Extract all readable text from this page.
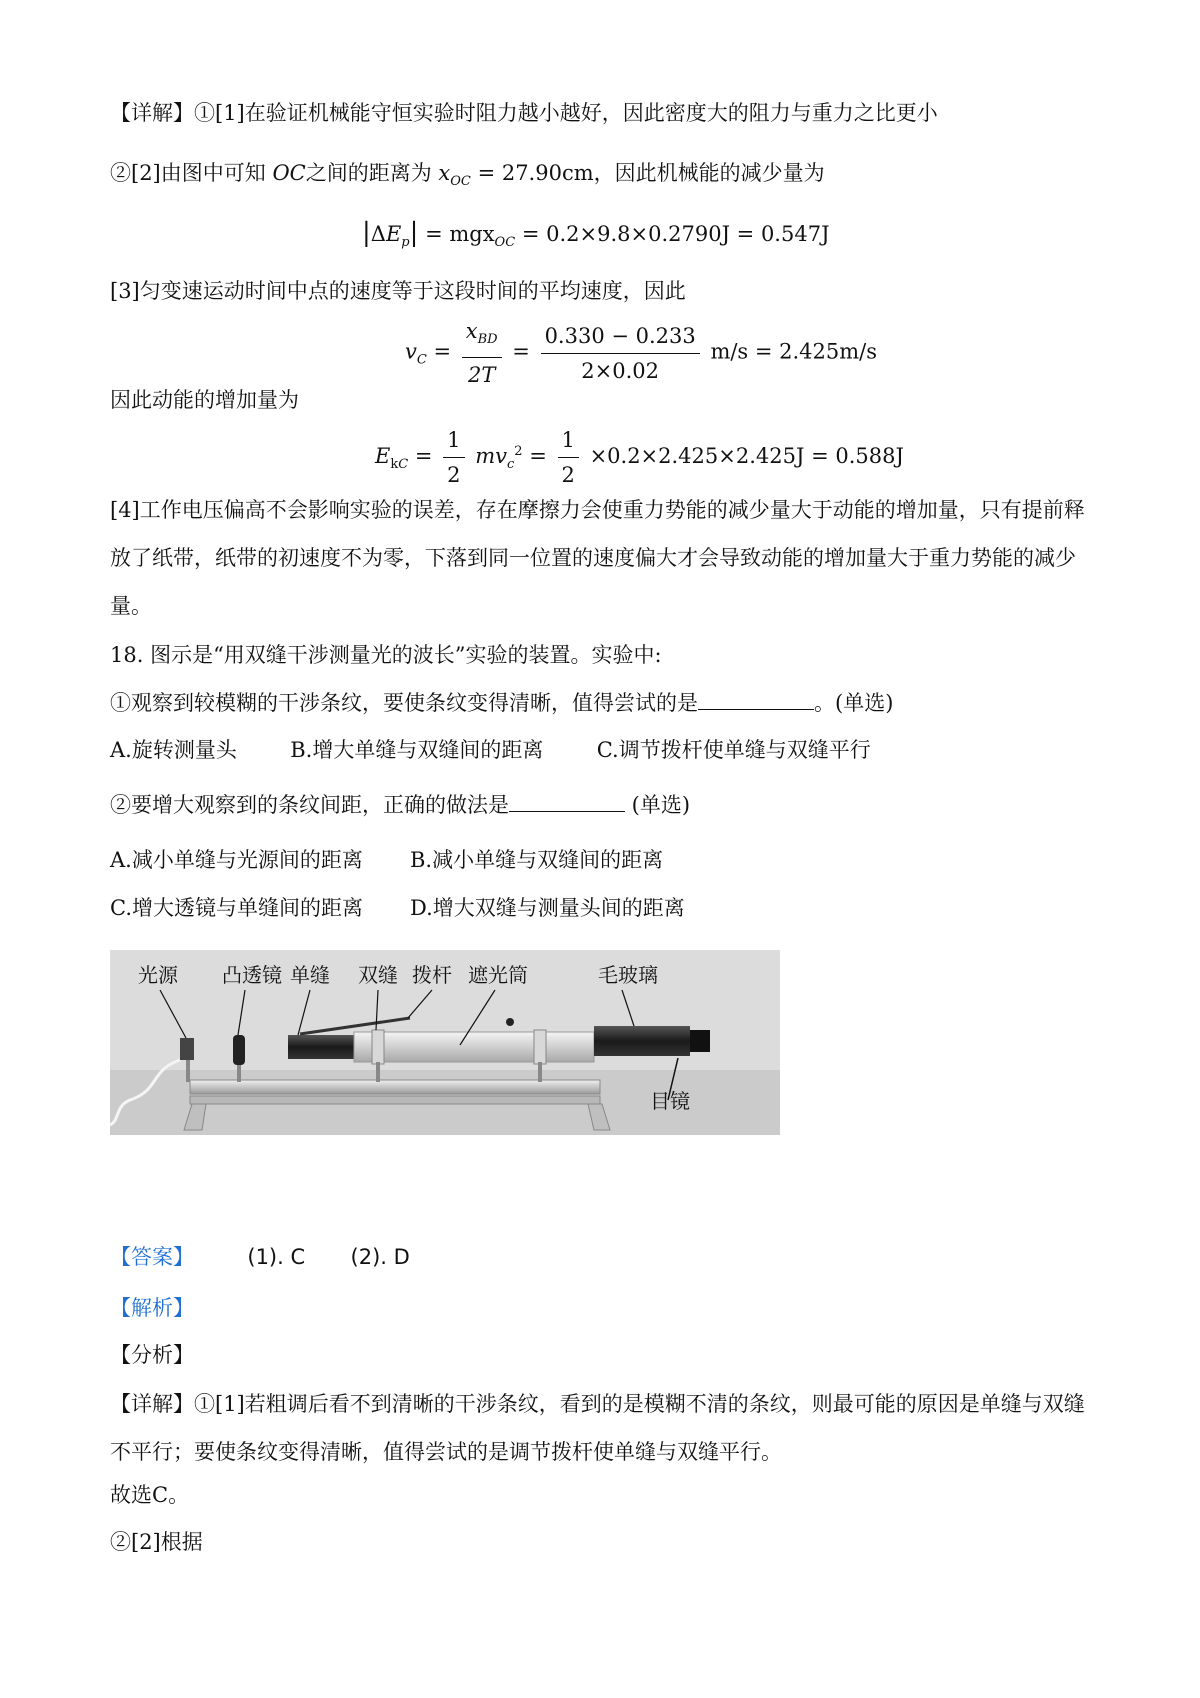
【详解】①[1]在验证机械能守恒实验时阻力越小越好，因此密度大的阻力与重力之比更小
②[2]由图中可知 OC之间的距离为 $x_{OC} = 27.90cm$，因此机械能的减少量为
$|\Delta E_p| = mgx_{OC} = 0.2\times 9.8\times 0.2790J = 0.547J$
[3]匀变速运动时间中点的速度等于这段时间的平均速度，因此
$v_C = \frac{x_{BD}}{2T} = \frac{0.330 - 0.233}{2\times 0.02} m/s = 2.425m/s$
因此动能的增加量为
$E_{kC} = \frac{1}{2} mv_c^2 = \frac{1}{2} \times 0.2\times 2.425\times 2.425J = 0.588J$
[4]工作电压偏高不会影响实验的误差，存在摩擦力会使重力势能的减少量大于动能的增加量，只有提前释放了纸带，纸带的初速度不为零，下落到同一位置的速度偏大才会导致动能的增加量大于重力势能的减少量。
18. 图示是“用双缝干涉测量光的波长”实验的装置。实验中:
①观察到较模糊的干涉条纹，要使条纹变得清晰，值得尝试的是	。(单选)
A.旋转测量头	B.增大单缝与双缝间的距离	C.调节拨杆使单缝与双缝平行
②要增大观察到的条纹间距，正确的做法是	(单选)
A.减小单缝与光源间的距离 B.减小单缝与双缝间的距离
C.增大透镜与单缝间的距离 D.增大双缝与测量头间的距离
光源 凸透镜 单缝 双缝 拨杆 遮光筒	毛玻璃
目镜
【答案】	(1). C (2). D
【解析】
【分析】
【详解】①[1]若粗调后看不到清晰的干涉条纹，看到的是模糊不清的条纹，则最可能的原因是单缝与双缝不平行；要使条纹变得清晰，值得尝试的是调节拨杆使单缝与双缝平行。
故选C。
②[2]根据
